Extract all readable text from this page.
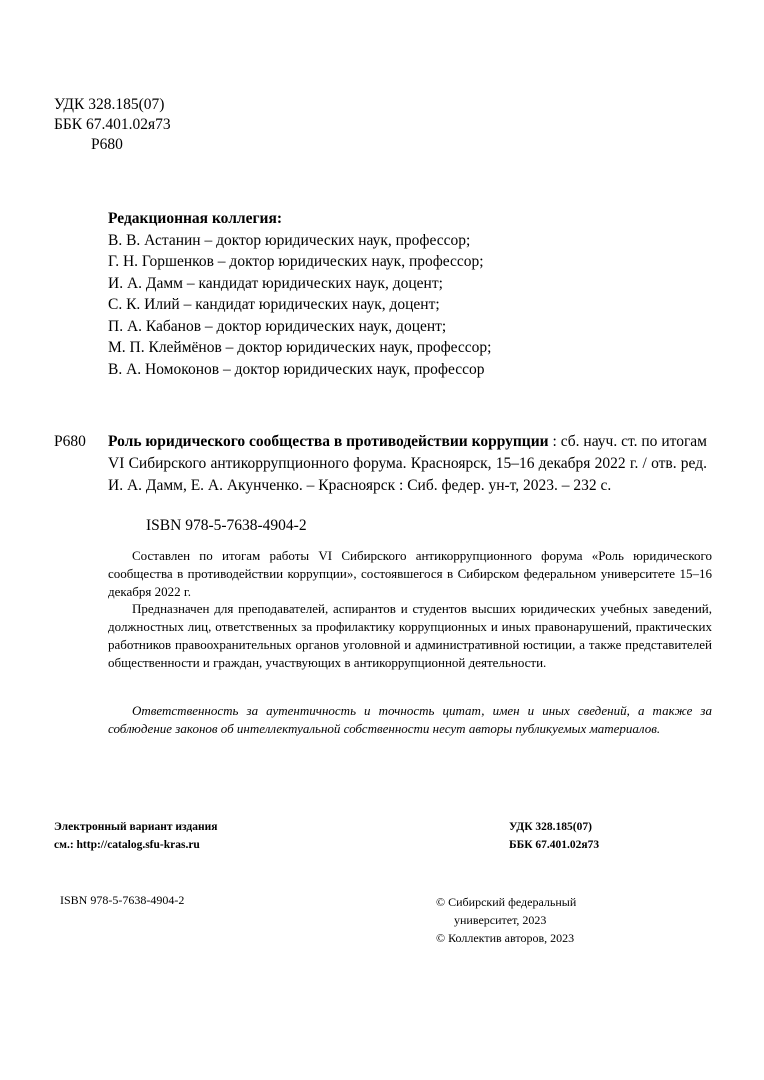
УДК 328.185(07)
ББК 67.401.02я73
Р680
Редакционная коллегия:
В. В. Астанин – доктор юридических наук, профессор;
Г. Н. Горшенков – доктор юридических наук, профессор;
И. А. Дамм – кандидат юридических наук, доцент;
С. К. Илий – кандидат юридических наук, доцент;
П. А. Кабанов – доктор юридических наук, доцент;
М. П. Клеймёнов – доктор юридических наук, профессор;
В. А. Номоконов – доктор юридических наук, профессор
Р680 Роль юридического сообщества в противодействии коррупции : сб. науч. ст. по итогам VI Сибирского антикоррупционного форума. Красноярск, 15–16 декабря 2022 г. / отв. ред. И. А. Дамм, Е. А. Акунченко. – Красноярск : Сиб. федер. ун-т, 2023. – 232 с.
ISBN 978-5-7638-4904-2
Составлен по итогам работы VI Сибирского антикоррупционного форума «Роль юридического сообщества в противодействии коррупции», состоявшегося в Сибирском федеральном университете 15–16 декабря 2022 г.
Предназначен для преподавателей, аспирантов и студентов высших юридических учебных заведений, должностных лиц, ответственных за профилактику коррупционных и иных правонарушений, практических работников правоохранительных органов уголовной и административной юстиции, а также представителей общественности и граждан, участвующих в антикоррупционной деятельности.
Ответственность за аутентичность и точность цитат, имен и иных сведений, а также за соблюдение законов об интеллектуальной собственности несут авторы публикуемых материалов.
Электронный вариант издания
см.: http://catalog.sfu-kras.ru
УДК 328.185(07)
ББК 67.401.02я73
ISBN 978-5-7638-4904-2	© Сибирский федеральный
университет, 2023
© Коллектив авторов, 2023
